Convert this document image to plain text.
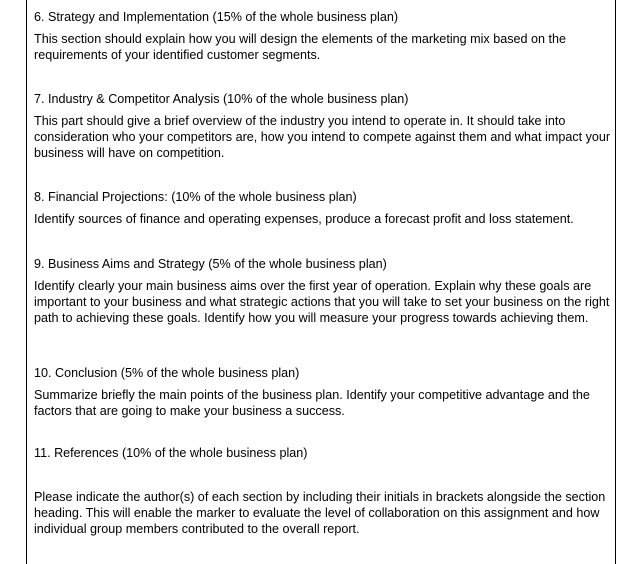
6. Strategy and Implementation (15% of the whole business plan)

This section should explain how you will design the elements of the marketing mix based on the requirements of your identified customer segments.

7. Industry & Competitor Analysis (10% of the whole business plan)

This part should give a brief overview of the industry you intend to operate in. It should take into consideration who your competitors are, how you intend to compete against them and what impact your business will have on competition.

8. Financial Projections: (10% of the whole business plan)

Identify sources of finance and operating expenses, produce a forecast profit and loss statement.

9. Business Aims and Strategy (5% of the whole business plan)

Identify clearly your main business aims over the first year of operation. Explain why these goals are important to your business and what strategic actions that you will take to set your business on the right path to achieving these goals. Identify how you will measure your progress towards achieving them.

10. Conclusion (5% of the whole business plan)

Summarize briefly the main points of the business plan. Identify your competitive advantage and the factors that are going to make your business a success.

11. References (10% of the whole business plan)

Please indicate the author(s) of each section by including their initials in brackets alongside the section heading. This will enable the marker to evaluate the level of collaboration on this assignment and how individual group members contributed to the overall report.
